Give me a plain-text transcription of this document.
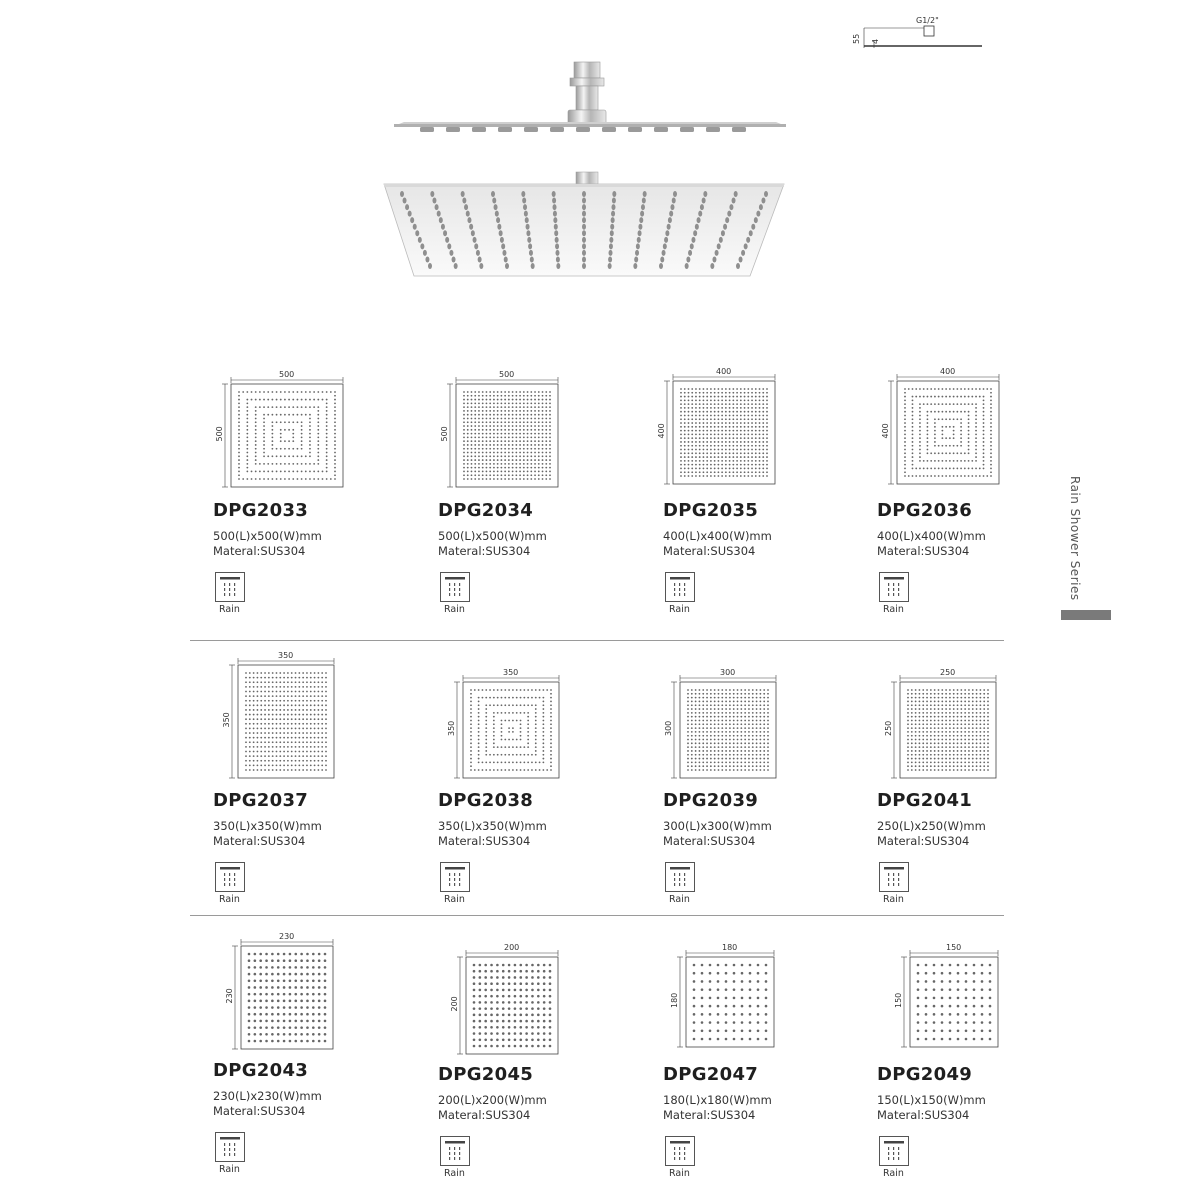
G1/2"
55 4
Rain Shower Series
500
500
DPG2033
500(L)x500(W)mm
Materal:SUS304
Rain
500
500
DPG2034
500(L)x500(W)mm
Materal:SUS304
Rain
400
400
DPG2035
400(L)x400(W)mm
Materal:SUS304
Rain
400
400
DPG2036
400(L)x400(W)mm
Materal:SUS304
Rain
350
350
DPG2037
350(L)x350(W)mm
Materal:SUS304
Rain
350
350
DPG2038
350(L)x350(W)mm
Materal:SUS304
Rain
300
300
DPG2039
300(L)x300(W)mm
Materal:SUS304
Rain
250
250
DPG2041
250(L)x250(W)mm
Materal:SUS304
Rain
230
230
DPG2043
230(L)x230(W)mm
Materal:SUS304
Rain
200
200
DPG2045
200(L)x200(W)mm
Materal:SUS304
Rain
180
180
DPG2047
180(L)x180(W)mm
Materal:SUS304
Rain
150
150
DPG2049
150(L)x150(W)mm
Materal:SUS304
Rain
